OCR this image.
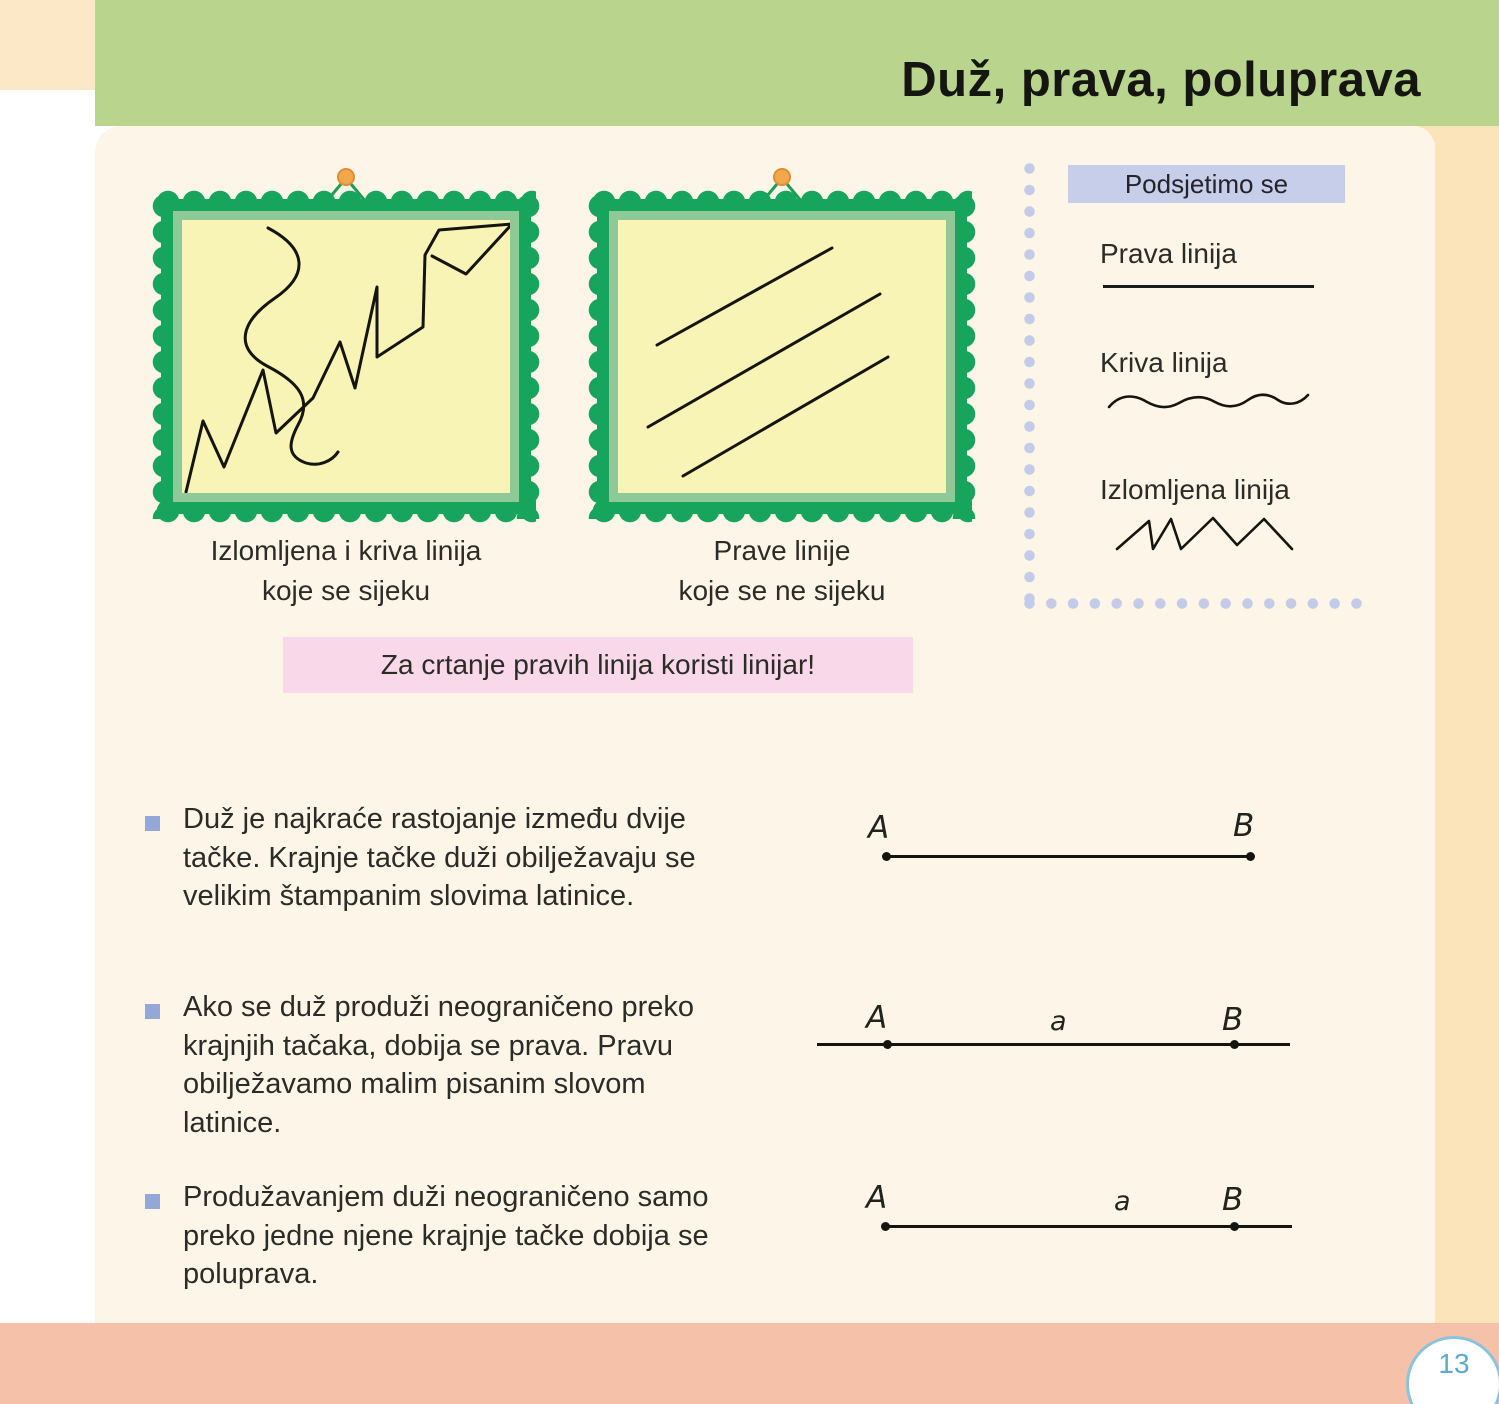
Duž, prava, poluprava
Izlomljena i kriva linija
koje se sijeku
Prave linije
koje se ne sijeku
Za crtanje pravih linija koristi linijar!
Podsjetimo se
Prava linija
Kriva linija
Izlomljena linija
Duž je najkraće rastojanje između dvije tačke. Krajnje tačke duži obilježavaju se velikim štampanim slovima latinice.
A	B
Ako se duž produži neograničeno preko krajnjih tačaka, dobija se prava. Pravu obilježavamo malim pisanim slovom latinice.
A	a	B
Produžavanjem duži neograničeno samo preko jedne njene krajnje tačke dobija se poluprava.
A	a	B
13
